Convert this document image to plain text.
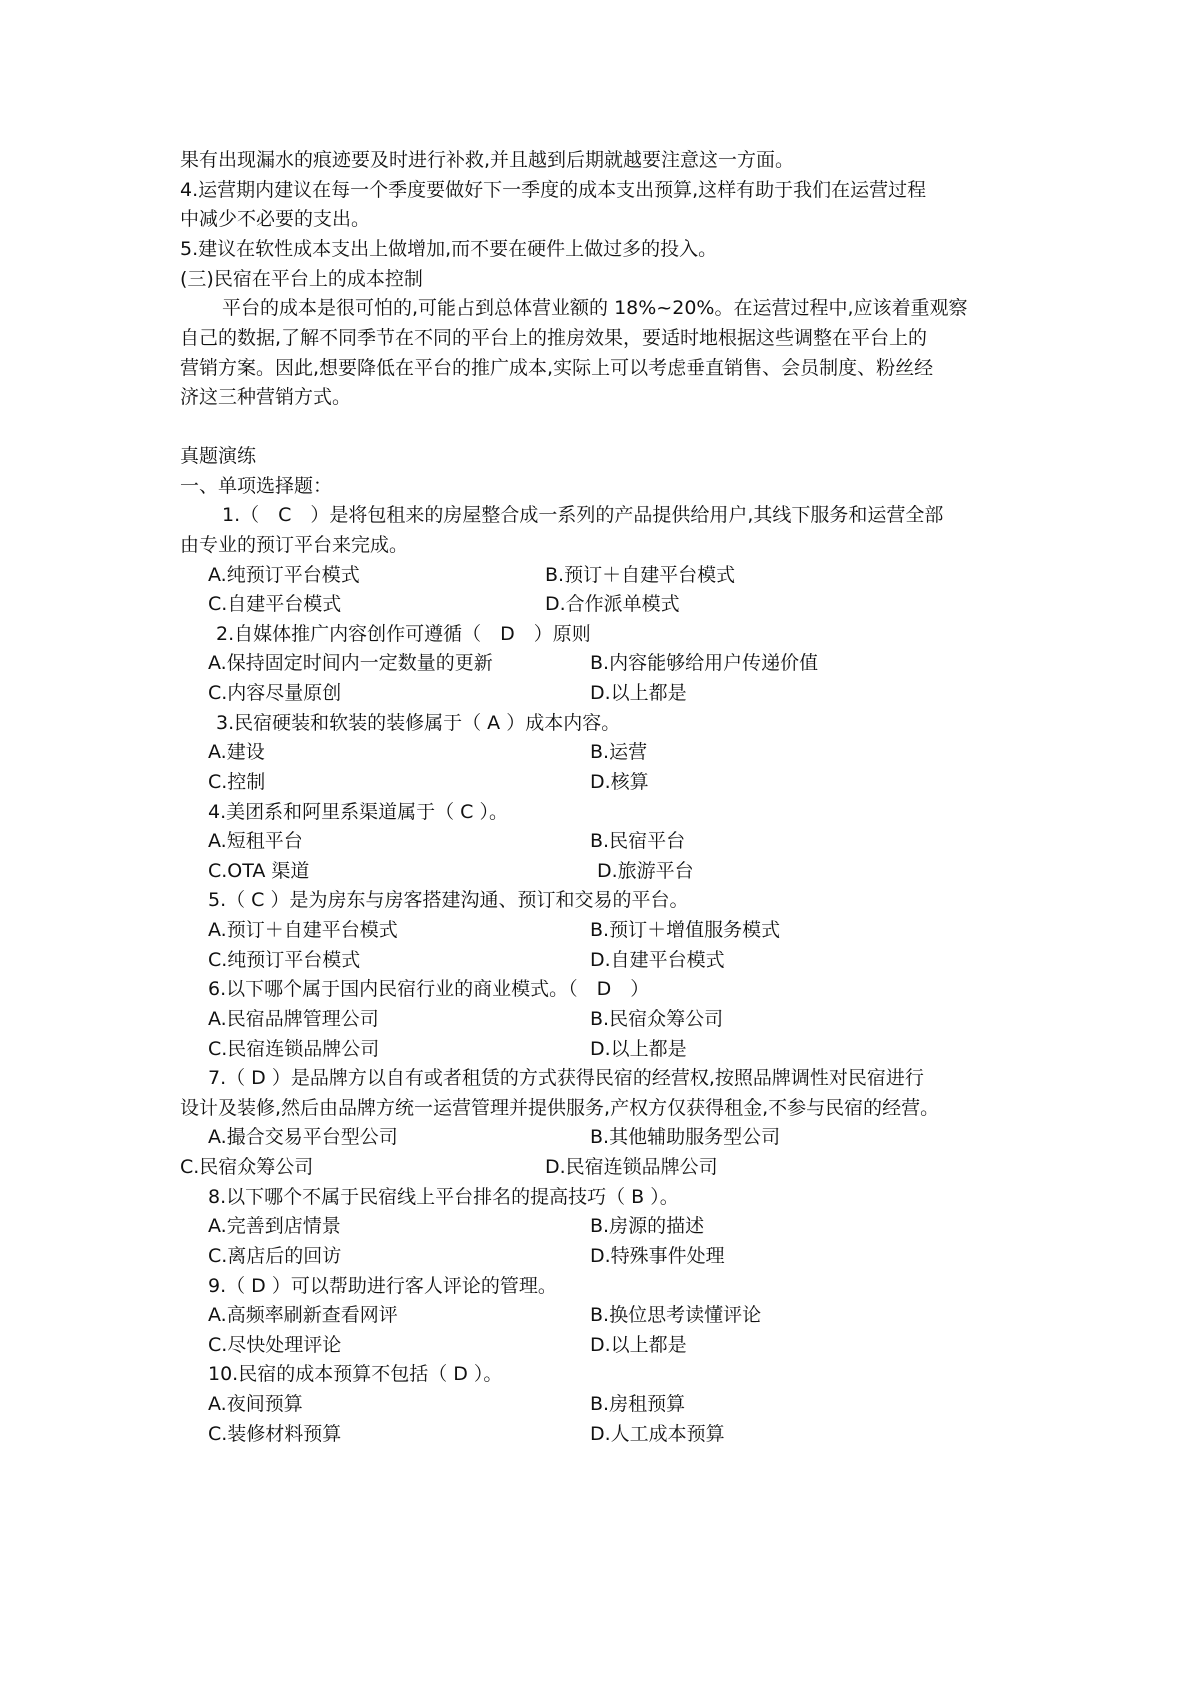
果有出现漏水的痕迹要及时进行补救,并且越到后期就越要注意这一方面。
4.运营期内建议在每一个季度要做好下一季度的成本支出预算,这样有助于我们在运营过程
中减少不必要的支出。
5.建议在软性成本支出上做增加,而不要在硬件上做过多的投入。
(三)民宿在平台上的成本控制
平台的成本是很可怕的,可能占到总体营业额的 18%~20%。在运营过程中,应该着重观察
自己的数据,了解不同季节在不同的平台上的推房效果，要适时地根据这些调整在平台上的
营销方案。因此,想要降低在平台的推广成本,实际上可以考虑垂直销售、会员制度、粉丝经
济这三种营销方式。
真题演练
一、单项选择题：
1.（　C　）是将包租来的房屋整合成一系列的产品提供给用户,其线下服务和运营全部
由专业的预订平台来完成。
A.纯预订平台模式	B.预订＋自建平台模式
C.自建平台模式	D.合作派单模式
2.自媒体推广内容创作可遵循（　D　）原则
A.保持固定时间内一定数量的更新	B.内容能够给用户传递价值
C.内容尽量原创	D.以上都是
3.民宿硬装和软装的装修属于（ A ）成本内容。
A.建设	B.运营
C.控制	D.核算
4.美团系和阿里系渠道属于（ C ）。
A.短租平台	B.民宿平台
C.OTA 渠道	D.旅游平台
5.（ C ）是为房东与房客搭建沟通、预订和交易的平台。
A.预订＋自建平台模式	B.预订＋增值服务模式
C.纯预订平台模式	D.自建平台模式
6.以下哪个属于国内民宿行业的商业模式。（　D　）
A.民宿品牌管理公司	B.民宿众筹公司
C.民宿连锁品牌公司	D.以上都是
7.（ D ）是品牌方以自有或者租赁的方式获得民宿的经营权,按照品牌调性对民宿进行
设计及装修,然后由品牌方统一运营管理并提供服务,产权方仅获得租金,不参与民宿的经营。
A.撮合交易平台型公司	B.其他辅助服务型公司
C.民宿众筹公司	D.民宿连锁品牌公司
8.以下哪个不属于民宿线上平台排名的提高技巧（ B ）。
A.完善到店情景	B.房源的描述
C.离店后的回访	D.特殊事件处理
9.（ D ）可以帮助进行客人评论的管理。
A.高频率刷新查看网评	B.换位思考读懂评论
C.尽快处理评论	D.以上都是
10.民宿的成本预算不包括（ D ）。
A.夜间预算	B.房租预算
C.装修材料预算	D.人工成本预算
